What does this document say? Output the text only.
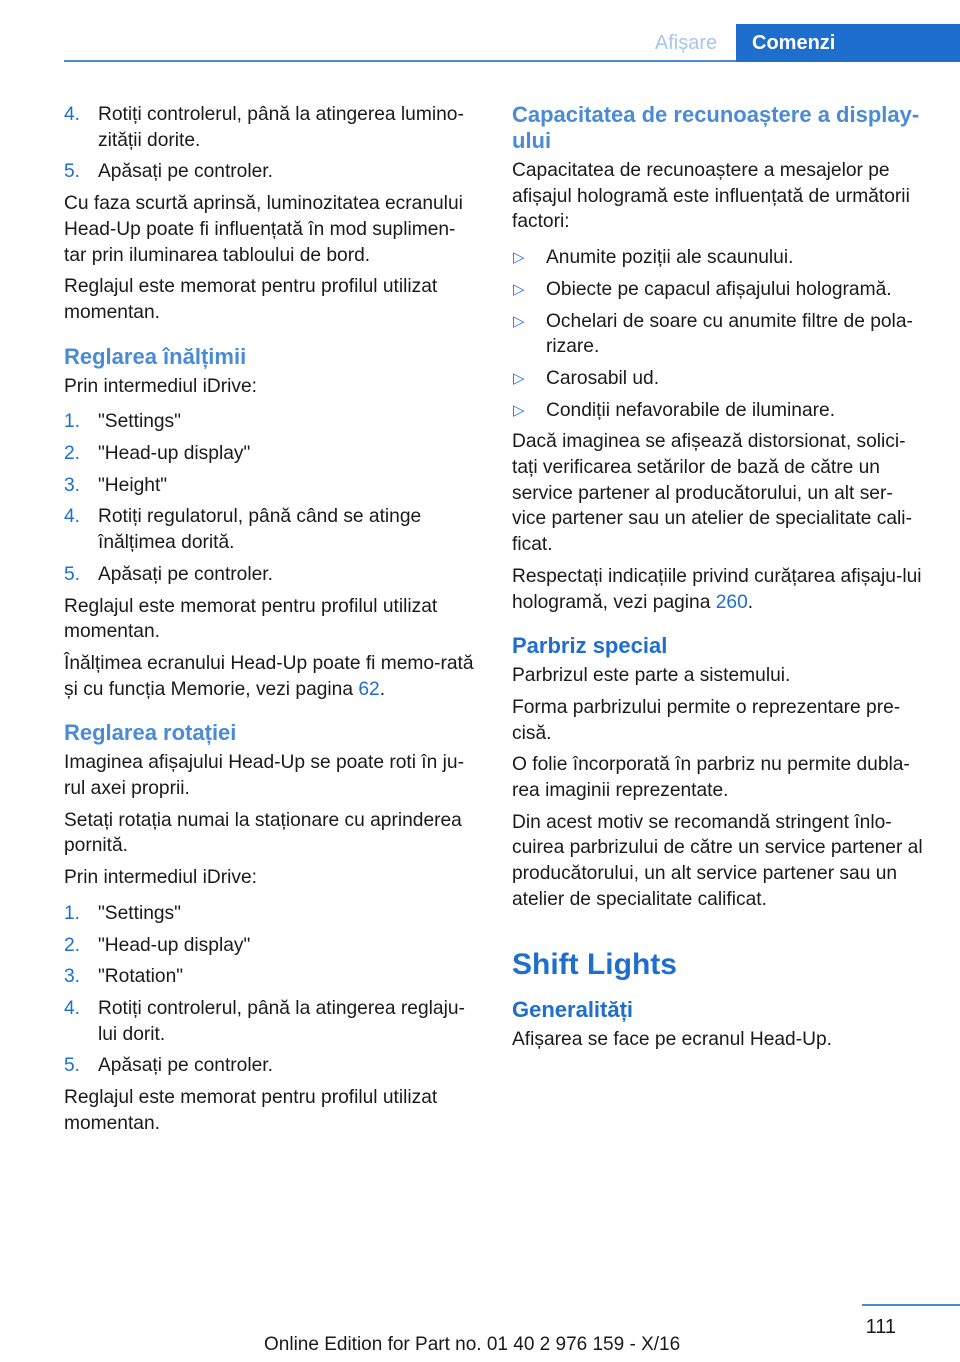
Afișare	Comenzi
4. Rotiți controlerul, până la atingerea lumino‐zității dorite.
5. Apăsați pe controler.

Cu faza scurtă aprinsă, luminozitatea ecranului Head-Up poate fi influențată în mod suplimen‐tar prin iluminarea tabloului de bord.

Reglajul este memorat pentru profilul utilizat momentan.

Reglarea înălțimii

Prin intermediul iDrive:

1. "Settings"
2. "Head-up display"
3. "Height"
4. Rotiți regulatorul, până când se atinge înălțimea dorită.
5. Apăsați pe controler.

Reglajul este memorat pentru profilul utilizat momentan.

Înălțimea ecranului Head-Up poate fi memo‐rată și cu funcția Memorie, vezi pagina 62.

Reglarea rotației

Imaginea afișajului Head-Up se poate roti în ju‐rul axei proprii.

Setați rotația numai la staționare cu aprinderea pornită.

Prin intermediul iDrive:

1. "Settings"
2. "Head-up display"
3. "Rotation"
4. Rotiți controlerul, până la atingerea reglaju‐lui dorit.
5. Apăsați pe controler.

Reglajul este memorat pentru profilul utilizat momentan.

Capacitatea de recunoaștere a display-ului

Capacitatea de recunoaștere a mesajelor pe afișajul hologramă este influențată de următorii factori:

▷ Anumite poziții ale scaunului.
▷ Obiecte pe capacul afișajului hologramă.
▷ Ochelari de soare cu anumite filtre de pola‐rizare.
▷ Carosabil ud.
▷ Condiții nefavorabile de iluminare.

Dacă imaginea se afișează distorsionat, solici‐tați verificarea setărilor de bază de către un service partener al producătorului, un alt ser‐vice partener sau un atelier de specialitate cali‐ficat.

Respectați indicațiile privind curățarea afișaju‐lui hologramă, vezi pagina 260.

Parbriz special

Parbrizul este parte a sistemului.

Forma parbrizului permite o reprezentare pre‐cisă.

O folie încorporată în parbriz nu permite dubla‐rea imaginii reprezentate.

Din acest motiv se recomandă stringent înlo‐cuirea parbrizului de către un service partener al producătorului, un alt service partener sau un atelier de specialitate calificat.

Shift Lights
Generalități

Afișarea se face pe ecranul Head-Up.

111
Online Edition for Part no. 01 40 2 976 159 - X/16
